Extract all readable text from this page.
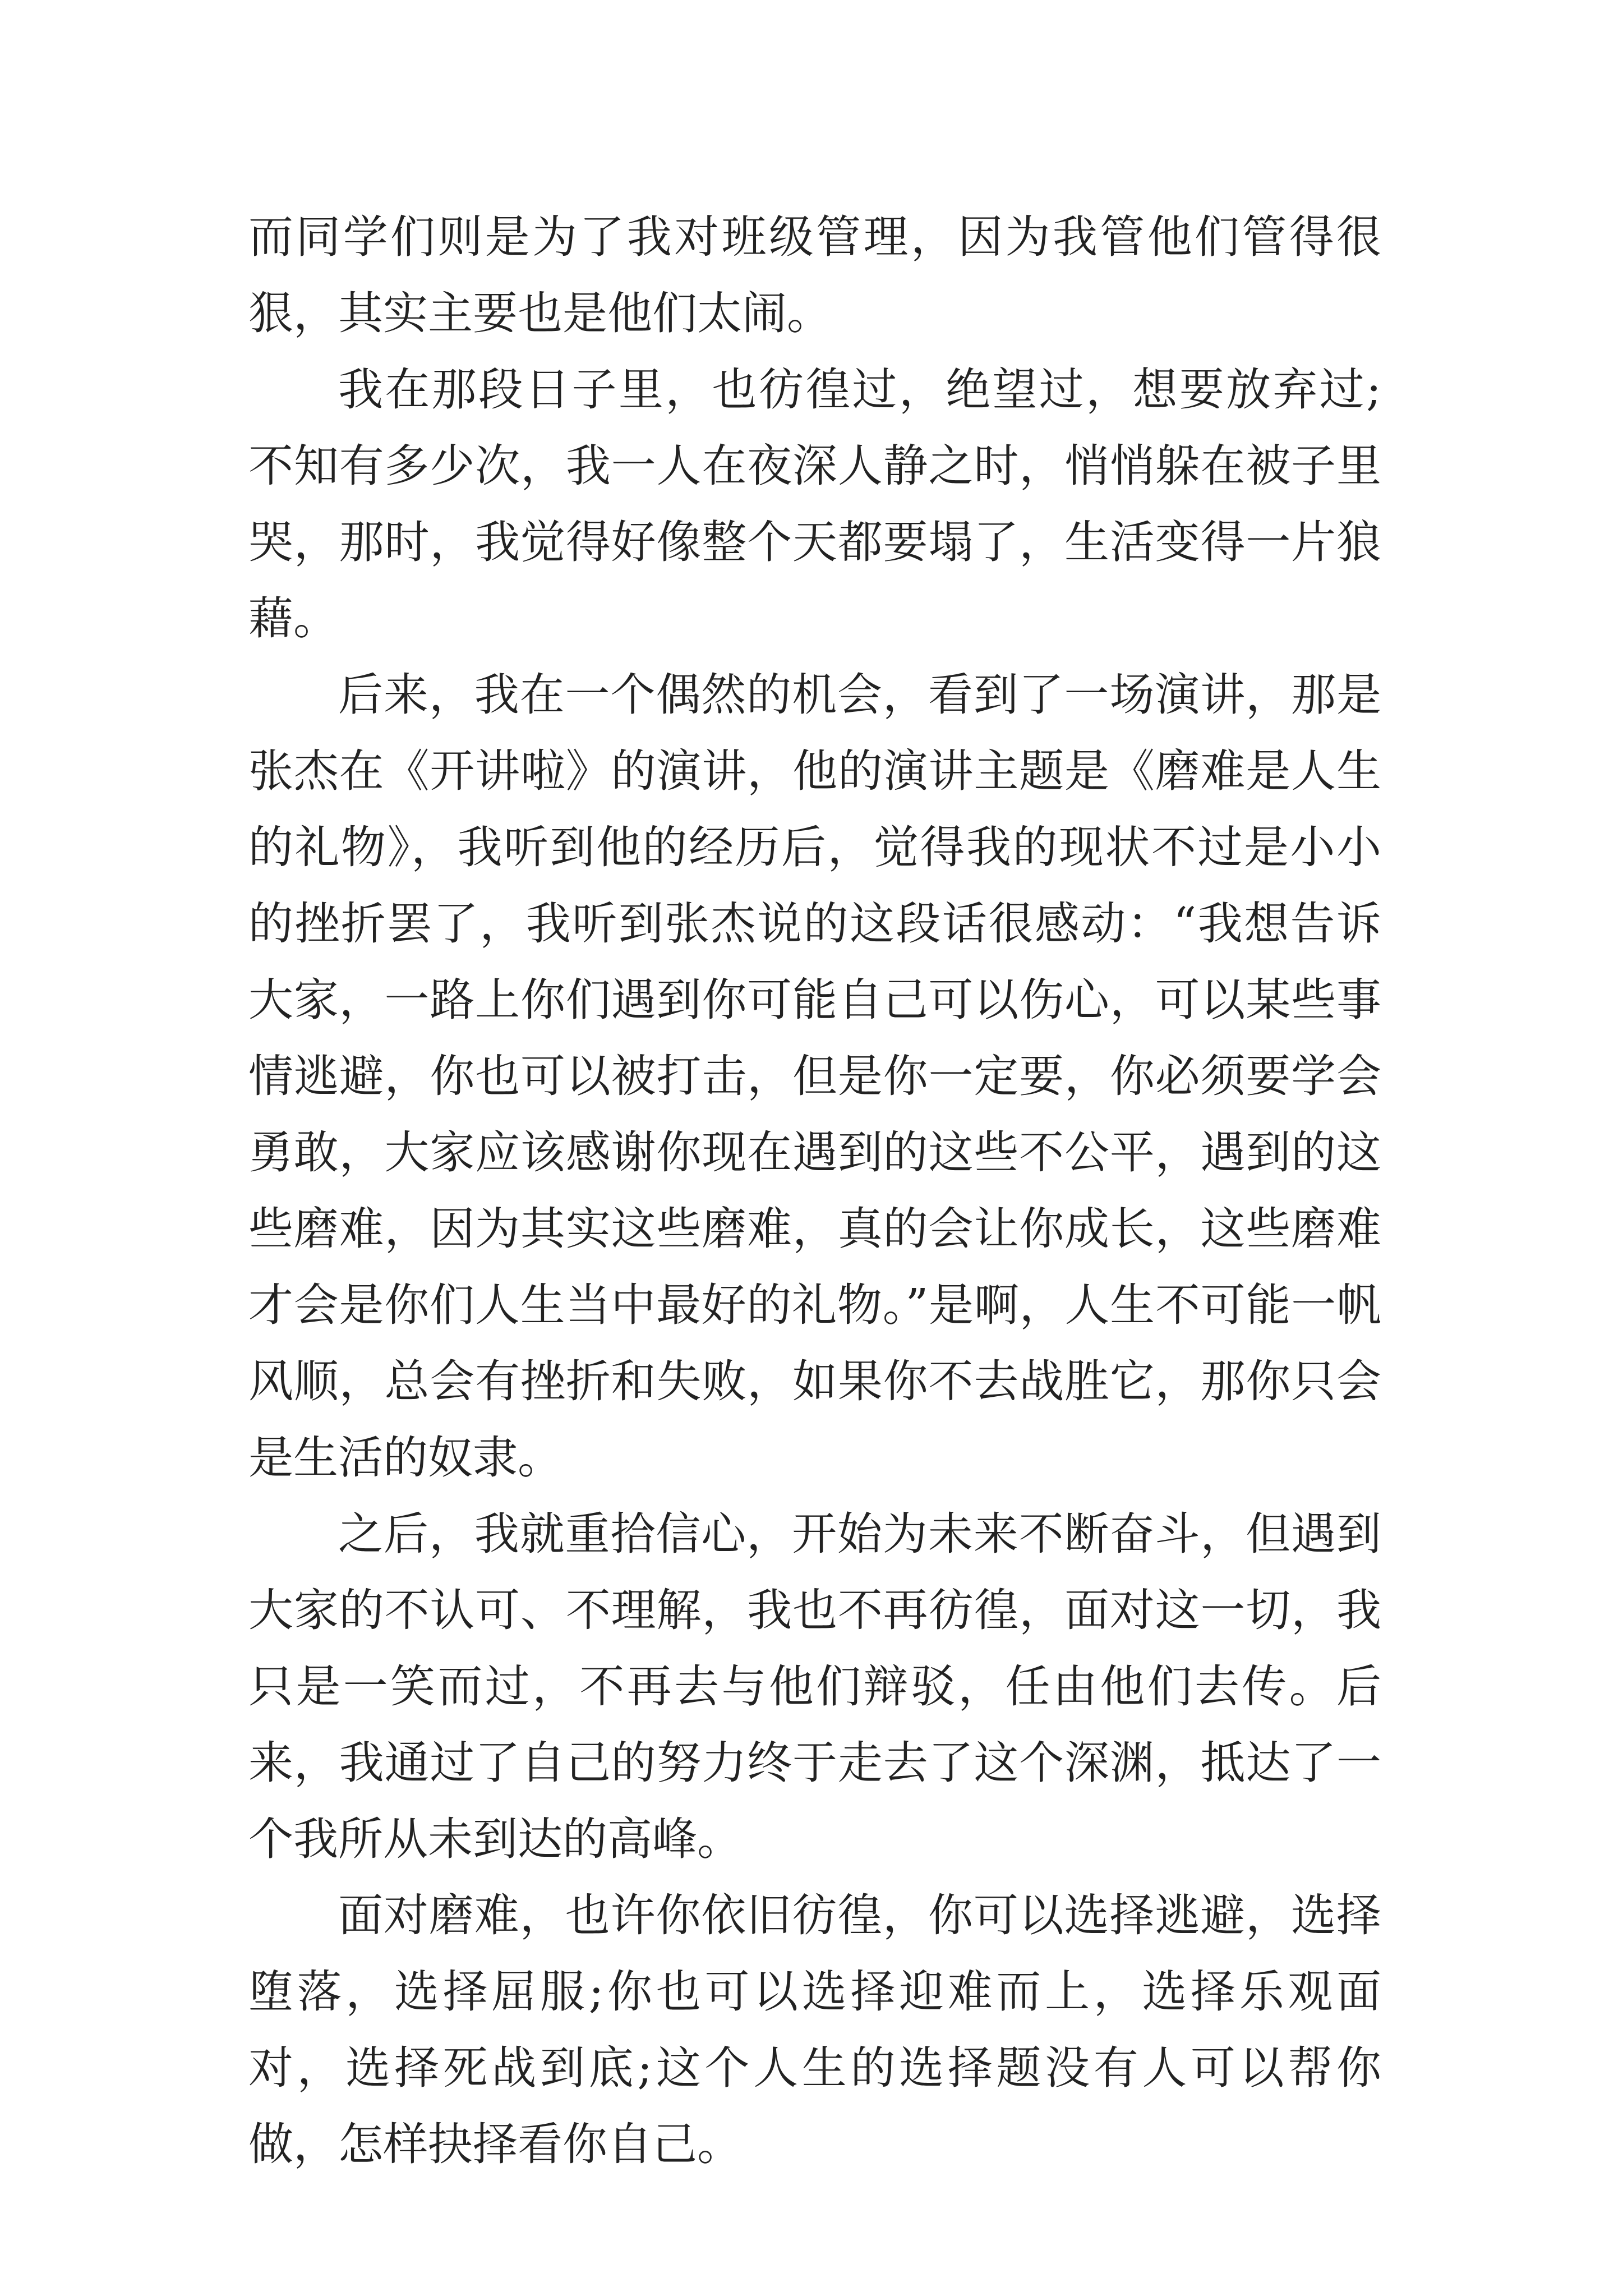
而同学们则是为了我对班级管理，因为我管他们管得很狠，其实主要也是他们太闹。

我在那段日子里，也彷徨过，绝望过，想要放弃过;不知有多少次，我一人在夜深人静之时，悄悄躲在被子里哭，那时，我觉得好像整个天都要塌了，生活变得一片狼藉。

后来，我在一个偶然的机会，看到了一场演讲，那是张杰在《开讲啦》的演讲，他的演讲主题是《磨难是人生的礼物》，我听到他的经历后，觉得我的现状不过是小小的挫折罢了，我听到张杰说的这段话很感动：“我想告诉大家，一路上你们遇到你可能自己可以伤心，可以某些事情逃避，你也可以被打击，但是你一定要，你必须要学会勇敢，大家应该感谢你现在遇到的这些不公平，遇到的这些磨难，因为其实这些磨难，真的会让你成长，这些磨难才会是你们人生当中最好的礼物。”是啊，人生不可能一帆风顺，总会有挫折和失败，如果你不去战胜它，那你只会是生活的奴隶。

之后，我就重拾信心，开始为未来不断奋斗，但遇到大家的不认可、不理解，我也不再彷徨，面对这一切，我只是一笑而过，不再去与他们辩驳，任由他们去传。后来，我通过了自己的努力终于走去了这个深渊，抵达了一个我所从未到达的高峰。

面对磨难，也许你依旧彷徨，你可以选择逃避，选择堕落，选择屈服;你也可以选择迎难而上，选择乐观面对，选择死战到底;这个人生的选择题没有人可以帮你做，怎样抉择看你自己。
